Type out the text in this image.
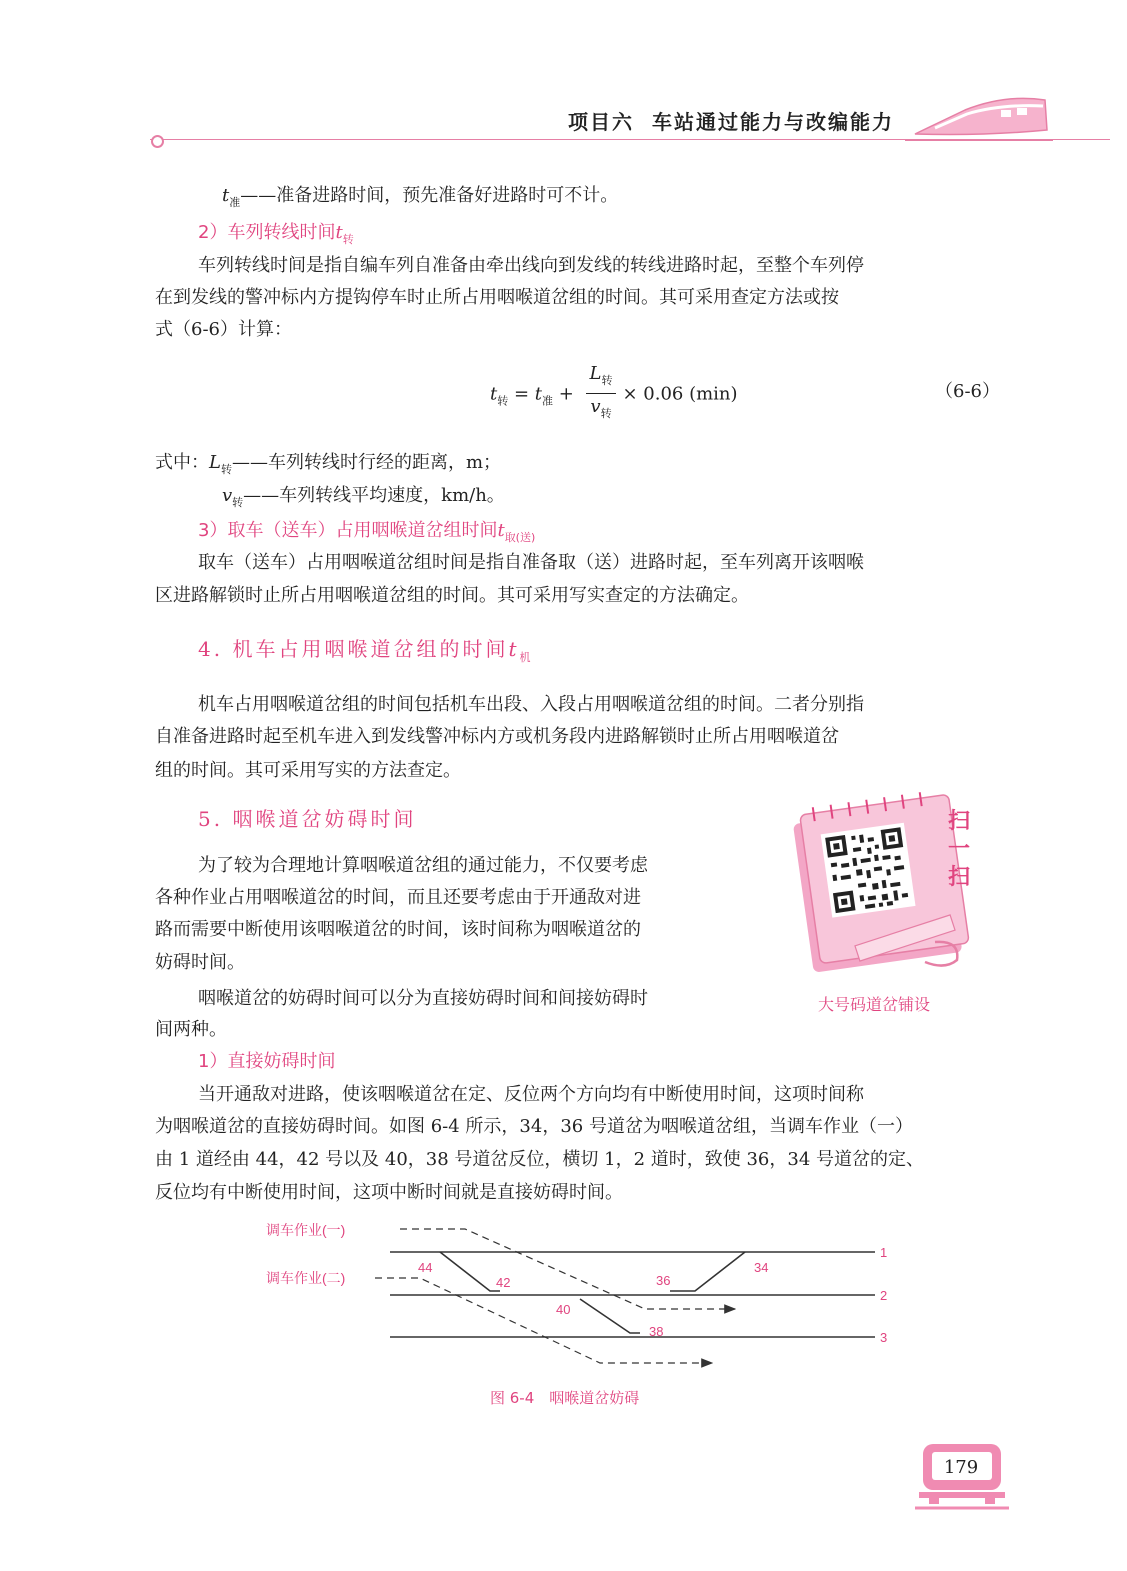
项目六 车站通过能力与改编能力
$t_准——$准备进路时间，预先准备好进路时可不计。
2）车列转线时间$t_转$
车列转线时间是指自编车列自准备由牵出线向到发线的转线进路时起，至整个车列停
在到发线的警冲标内方提钩停车时止所占用咽喉道岔组的时间。其可采用查定方法或按
式（6-6）计算：
$t_转 = t_准 + \frac{L_转}{v_转} \times 0.06$ (min)	（6-6）
式中：$L_转——$车列转线时行经的距离，m；
$v_转——$车列转线平均速度，km/h。
3）取车（送车）占用咽喉道岔组时间$t_{取(送)}$
取车（送车）占用咽喉道岔组时间是指自准备取（送）进路时起，至车列离开该咽喉
区进路解锁时止所占用咽喉道岔组的时间。其可采用写实查定的方法确定。
4. 机车占用咽喉道岔组的时间$t_机$
机车占用咽喉道岔组的时间包括机车出段、入段占用咽喉道岔组的时间。二者分别指
自准备进路时起至机车进入到发线警冲标内方或机务段内进路解锁时止所占用咽喉道岔
组的时间。其可采用写实的方法查定。
5. 咽喉道岔妨碍时间
为了较为合理地计算咽喉道岔组的通过能力，不仅要考虑
各种作业占用咽喉道岔的时间，而且还要考虑由于开通敌对进
路而需要中断使用该咽喉道岔的时间，该时间称为咽喉道岔的
妨碍时间。
咽喉道岔的妨碍时间可以分为直接妨碍时间和间接妨碍时
间两种。
扫一扫
大号码道岔铺设
1）直接妨碍时间
当开通敌对进路，使该咽喉道岔在定、反位两个方向均有中断使用时间，这项时间称
为咽喉道岔的直接妨碍时间。如图 6-4 所示，34，36 号道岔为咽喉道岔组，当调车作业（一）
由 1 道经由 44，42 号以及 40，38 号道岔反位，横切 1，2 道时，致使 36，34 号道岔的定、
反位均有中断使用时间，这项中断时间就是直接妨碍时间。
调车作业(一)
调车作业(二)
1
2
3
44
42	36
34
40
38
图 6-4　咽喉道岔妨碍
179
